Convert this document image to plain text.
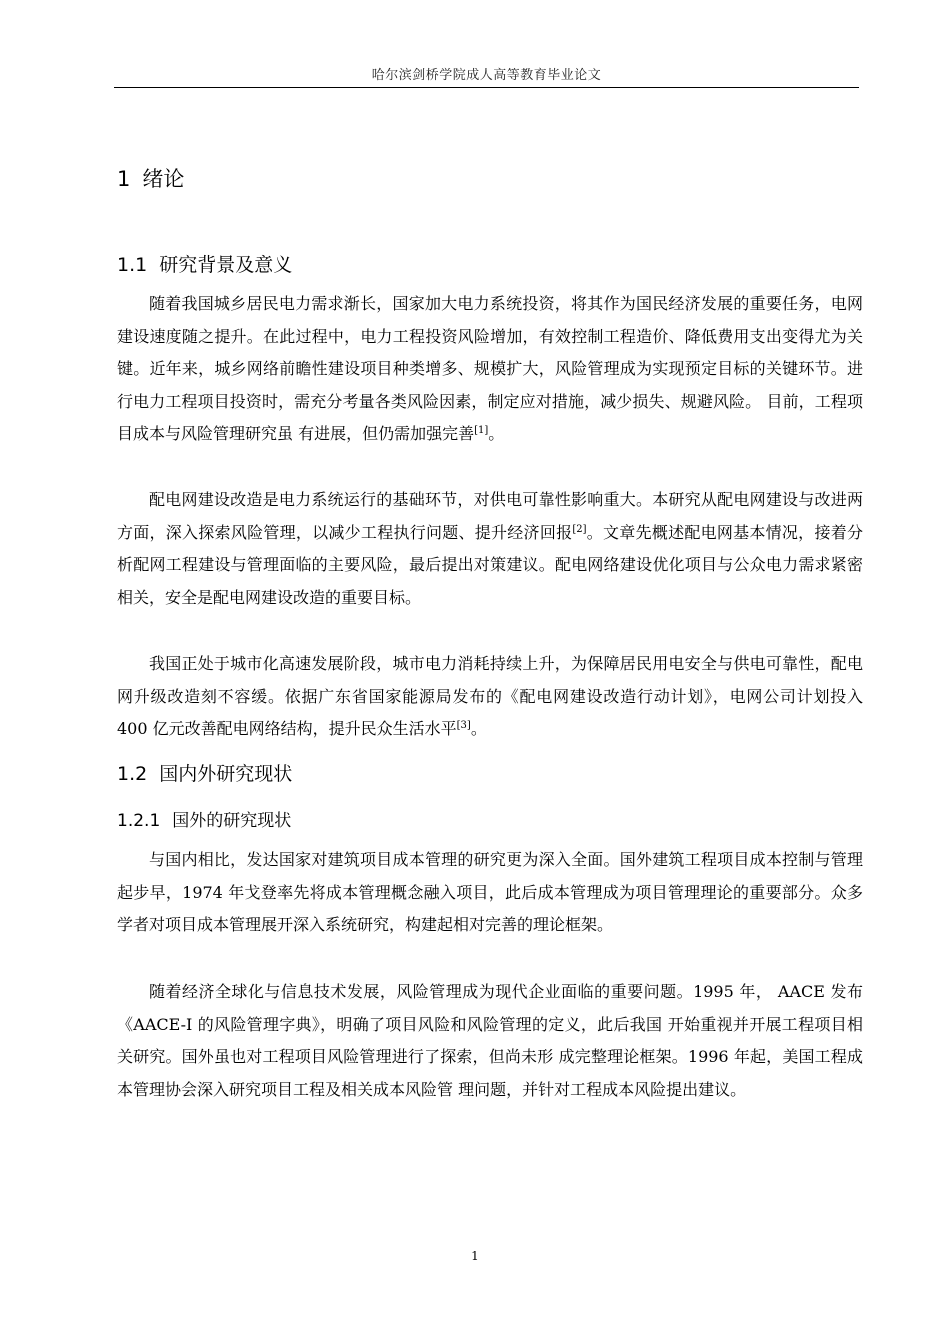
哈尔滨剑桥学院成人高等教育毕业论文
1 绪论
1.1 研究背景及意义

随着我国城乡居民电力需求渐长，国家加大电力系统投资，将其作为国民经济发展的重要任务，电网建设速度随之提升。在此过程中，电力工程投资风险增加，有效控制工程造价、降低费用支出变得尤为关键。近年来，城乡网络前瞻性建设项目种类增多、规模扩大，风险管理成为实现预定目标的关键环节。进行电力工程项目投资时，需充分考量各类风险因素，制定应对措施，减少损失、规避风险。 目前，工程项目成本与风险管理研究虽 有进展，但仍需加强完善[1]。

配电网建设改造是电力系统运行的基础环节，对供电可靠性影响重大。本研究从配电网建设与改进两方面，深入探索风险管理，以减少工程执行问题、提升经济回报[2]。文章先概述配电网基本情况，接着分析配网工程建设与管理面临的主要风险，最后提出对策建议。配电网络建设优化项目与公众电力需求紧密相关，安全是配电网建设改造的重要目标。

我国正处于城市化高速发展阶段，城市电力消耗持续上升，为保障居民用电安全与供电可靠性，配电网升级改造刻不容缓。依据广东省国家能源局发布的《配电网建设改造行动计划》，电网公司计划投入 400 亿元改善配电网络结构，提升民众生活水平[3]。

1.2 国内外研究现状
1.2.1 国外的研究现状

与国内相比，发达国家对建筑项目成本管理的研究更为深入全面。国外建筑工程项目成本控制与管理起步早，1974 年戈登率先将成本管理概念融入项目，此后成本管理成为项目管理理论的重要部分。众多学者对项目成本管理展开深入系统研究，构建起相对完善的理论框架。

随着经济全球化与信息技术发展，风险管理成为现代企业面临的重要问题。1995 年， AACE 发布《AACE-I 的风险管理字典》，明确了项目风险和风险管理的定义，此后我国 开始重视并开展工程项目相关研究。国外虽也对工程项目风险管理进行了探索，但尚未形 成完整理论框架。1996 年起，美国工程成本管理协会深入研究项目工程及相关成本风险管 理问题，并针对工程成本风险提出建议。

1
